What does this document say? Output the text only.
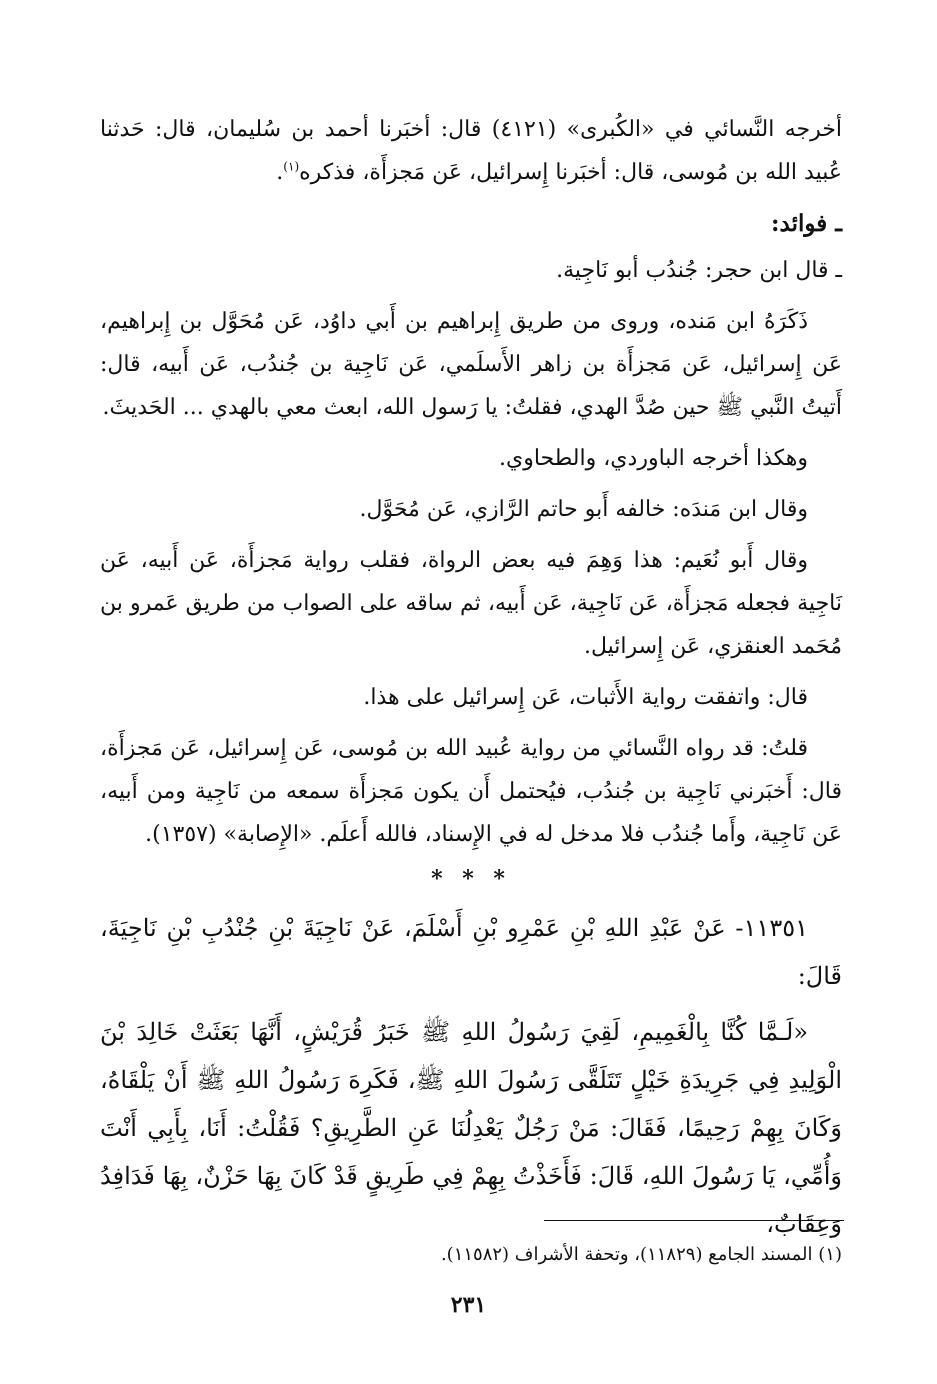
أخرجه النَّسائي في «الكُبرى» (٤١٢١) قال: أخبَرنا أحمد بن سُليمان، قال: حَدثنا عُبيد الله بن مُوسى، قال: أخبَرنا إِسرائيل، عَن مَجزأَة، فذكره$^{(١)}$.

ـ فوائد:

ـ قال ابن حجر: جُندُب أبو نَاجِية.

ذَكَرَهُ ابن مَنده، وروى من طريق إِبراهيم بن أَبي داوُد، عَن مُحَوَّل بن إِبراهيم، عَن إِسرائيل، عَن مَجزأَة بن زاهر الأَسلَمي، عَن نَاجِية بن جُندُب، عَن أَبيه، قال: أَتيتُ النَّبي ﷺ حين صُدَّ الهدي، فقلتُ: يا رَسول الله، ابعث معي بالهدي ... الحَديثَ.

وهكذا أخرجه الباوردي، والطحاوي.

وقال ابن مَندَه: خالفه أَبو حاتم الرَّازي، عَن مُحَوَّل.

وقال أَبو نُعَيم: هذا وَهِمَ فيه بعض الرواة، فقلب رواية مَجزأَة، عَن أَبيه، عَن نَاجِية فجعله مَجزأَة، عَن نَاجِية، عَن أَبيه، ثم ساقه على الصواب من طريق عَمرو بن مُحَمد العنقزي، عَن إِسرائيل.

قال: واتفقت رواية الأَثبات، عَن إِسرائيل على هذا.

قلتُ: قد رواه النَّسائي من رواية عُبيد الله بن مُوسى، عَن إِسرائيل، عَن مَجزأَة، قال: أَخبَرني نَاجِية بن جُندُب، فيُحتمل أَن يكون مَجزأَة سمعه من نَاجِية ومن أَبيه، عَن نَاجِية، وأَما جُندُب فلا مدخل له في الإِسناد، فالله أَعلَم. «الإِصابة» (١٣٥٧).

* * *

١١٣٥١- عَنْ عَبْدِ اللهِ بْنِ عَمْرِو بْنِ أَسْلَمَ، عَنْ نَاجِيَةَ بْنِ جُنْدُبِ بْنِ نَاجِيَةَ، قَالَ:

«لَـمَّا كُنَّا بِالْغَمِيمِ، لَقِيَ رَسُولُ اللهِ ﷺ خَبَرُ قُرَيْشٍ، أَنَّهَا بَعَثَتْ خَالِدَ بْنَ الْوَلِيدِ فِي جَرِيدَةِ خَيْلٍ تَتَلَقَّى رَسُولَ اللهِ ﷺ، فَكَرِهَ رَسُولُ اللهِ ﷺ أَنْ يَلْقَاهُ، وَكَانَ بِهِمْ رَحِيمًا، فَقَالَ: مَنْ رَجُلٌ يَعْدِلُنَا عَنِ الطَّرِيقِ؟ فَقُلْتُ: أَنَا، بِأَبِي أَنْتَ وَأُمِّي، يَا رَسُولَ اللهِ، قَالَ: فَأَخَذْتُ بِهِمْ فِي طَرِيقٍ قَدْ كَانَ بِهَا حَزْنٌ، بِهَا فَدَافِدُ وَعِقَابٌ،

(١) المسند الجامع (١١٨٢٩)، وتحفة الأشراف (١١٥٨٢).
٢٣١
